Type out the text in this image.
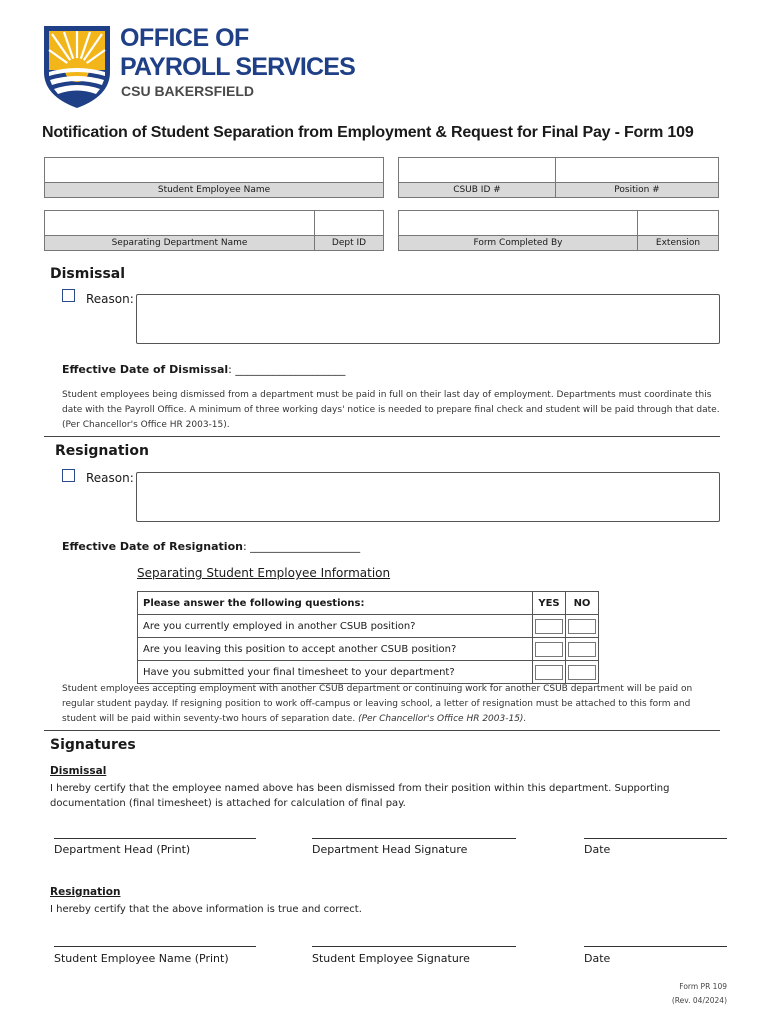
OFFICE OF
PAYROLL SERVICES
CSU BAKERSFIELD
Notification of Student Separation from Employment & Request for Final Pay - Form 109
Student Employee Name	CSUB ID #	Position #
Separating Department Name	Dept ID	Form Completed By	Extension
Dismissal
Reason:
Effective Date of Dismissal: ____________________
Student employees being dismissed from a department must be paid in full on their last day of employment. Departments must coordinate this date with the Payroll Office. A minimum of three working days' notice is needed to prepare final check and student will be paid through that date. (Per Chancellor's Office HR 2003-15).
Resignation
Reason:
Effective Date of Resignation: ____________________
Separating Student Employee Information
Please answer the following questions:	YES	NO
Are you currently employed in another CSUB position?	

Are you leaving this position to accept another CSUB position?	

Have you submitted your final timesheet to your department?	

Student employees accepting employment with another CSUB department or continuing work for another CSUB department will be paid on regular student payday. If resigning position to work off-campus or leaving school, a letter of resignation must be attached to this form and student will be paid within seventy-two hours of separation date. (Per Chancellor's Office HR 2003-15).
Signatures
Dismissal
I hereby certify that the employee named above has been dismissed from their position within this department. Supporting documentation (final timesheet) is attached for calculation of final pay.
Department Head (Print)	Department Head Signature	Date
Resignation
I hereby certify that the above information is true and correct.
Student Employee Name (Print)	Student Employee Signature	Date
Form PR 109
(Rev. 04/2024)
